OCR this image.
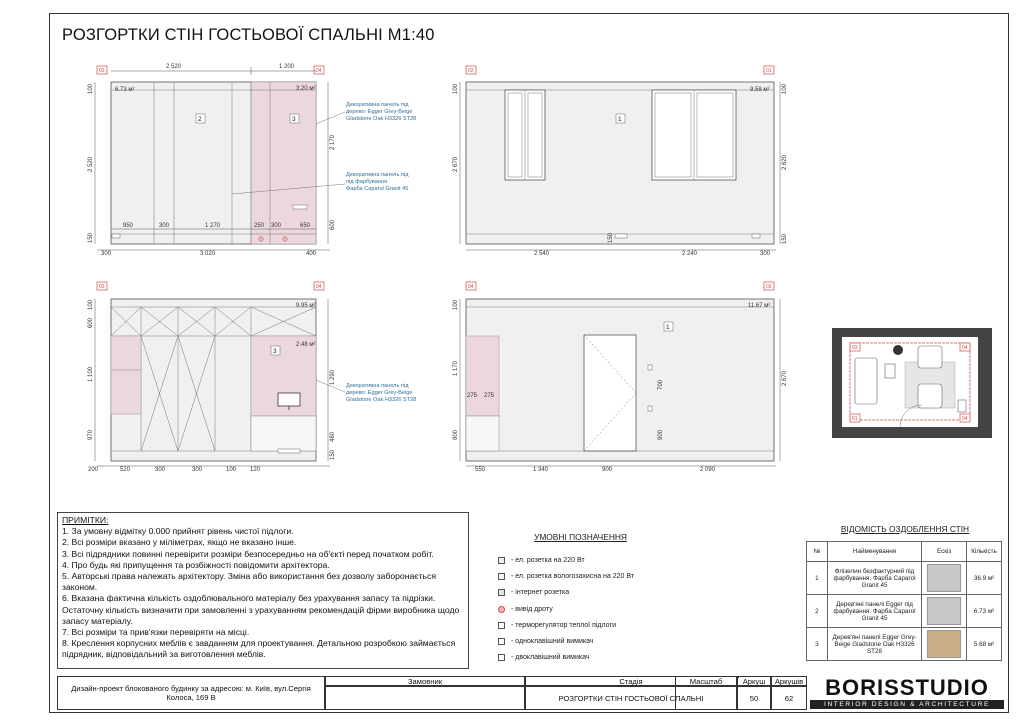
РОЗГОРТКИ СТІН ГОСТЬОВОЇ СПАЛЬНІ М1:40
03	04
2 520	1 200
100
2 520
150
2 170
600
950	300	1 270	250 300	650
300	3 020	400
6.73 м²	3.20 м²
2	3
Декоративна панель під дерево: Egger Grey-Beige Gladstone Oak H3326 ST28
Декоративна панель під під фарбування. Фарба Caparol Granit 45
02	01
9.58 м²
1
100
2 670
100
2 620
150
150
2 540	2 240	300
03	04
9.95 м²
2.48 м²
3
100
600
1 100
970
1 290
480
150
200	520	300	300	100 120
Декоративна панель під дерево: Egger Grey-Beige Gladstone Oak H3326 ST28
04	03
11.67 м²
1
100
1 170
800
2 670
275 275
700
900
550	1 340	900	2 090
03	04
01	04
ПРИМІТКИ:
1. За умовну відмітку 0.000 прийнят рівень чистої підлоги.
2. Всі розміри вказано у міліметрах, якщо не вказано інше.
3. Всі підрядники повинні перевірити розміри безпосередньо на об'єкті перед початком робіт.
4. Про будь які припущення та розбіжності повідомити архітектора.
5. Авторські права належать архітектору. Зміна або використання без дозволу заборонається законом.
6. Вказана фактична кількість оздоблювального матеріалу без урахування запасу та підрізки. Остаточну кількість визначити при замовленні з урахуванням рекомендацій фірми виробника щодо запасу матеріалу.
7. Всі розміри та прив'язки перевіряти на місці.
8. Креслення корпусних меблів є завданням для проектування. Детальною розробкою займається підрядник, відповідальний за виготовлення меблів.
УМОВНІ ПОЗНАЧЕННЯ
- ел. розетка на 220 Вт
- ел. розетка вологозахисна на 220 Вт
- інтернет розетка
- вивід дроту
- терморегулятор теплої підлоги
- одноклавішний вимикач
- двоклавішний вимикач
ВІДОМІСТЬ ОЗДОБЛЕННЯ СТІН
№	Найменування	Ескіз	Кількість
1	Флізелин безфактурний під фарбування. Фарба Caparol Granit 45		36.9 м²
2	Дерев'яні панелі Egger під фарбування. Фарба Caparol Granit 45		6.73 м²
3	Дерев'яні панелі Egger Grey-Beige Gladstone Oak H3326 ST28		5.68 м²
Дизайн-проект блокованого будинку за адресою: м. Київ, вул.Сергія Колоса, 169 В
Замовник	Стадія
РОЗГОРТКИ СТІН ГОСТЬОВОЇ СПАЛЬНІ
Масштаб	Аркуш
50
Аркушів
62	BORISSTUDIO
INTERIOR DESIGN & ARCHITECTURE
